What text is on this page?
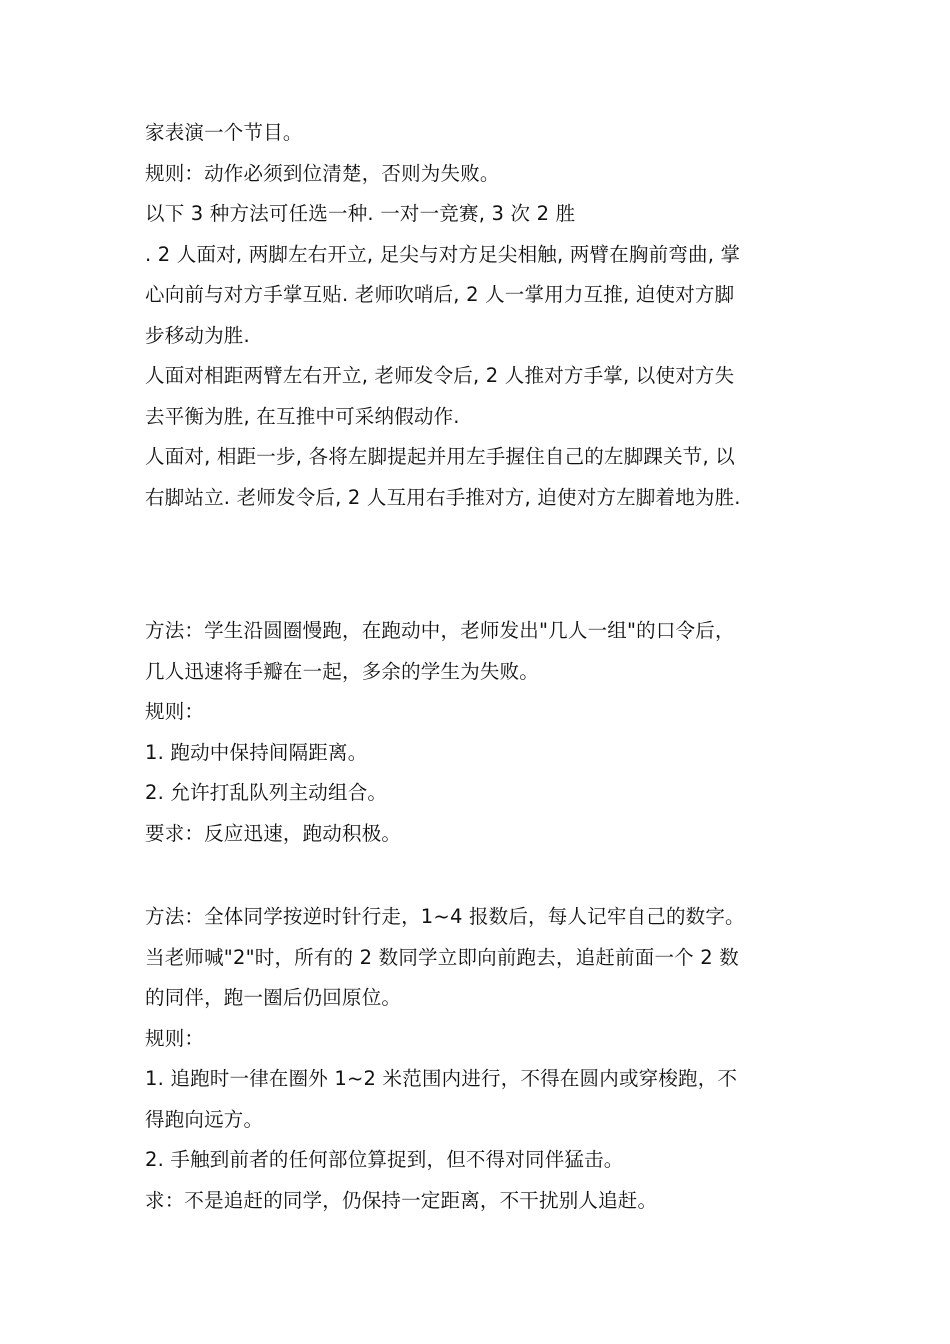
家表演一个节目。
规则：动作必须到位清楚，否则为失败。
以下 3 种方法可任选一种. 一对一竞赛, 3 次 2 胜
. 2 人面对, 两脚左右开立, 足尖与对方足尖相触, 两臂在胸前弯曲, 掌
心向前与对方手掌互贴. 老师吹哨后, 2 人一掌用力互推, 迫使对方脚
步移动为胜.
人面对相距两臂左右开立, 老师发令后, 2 人推对方手掌, 以使对方失
去平衡为胜, 在互推中可采纳假动作.
人面对, 相距一步, 各将左脚提起并用左手握住自己的左脚踝关节, 以
右脚站立. 老师发令后, 2 人互用右手推对方, 迫使对方左脚着地为胜.
方法：学生沿圆圈慢跑，在跑动中，老师发出"几人一组"的口令后，
几人迅速将手瓣在一起，多余的学生为失败。
规则：
1. 跑动中保持间隔距离。
2. 允许打乱队列主动组合。
要求：反应迅速，跑动积极。
方法：全体同学按逆时针行走，1~4 报数后，每人记牢自己的数字。
当老师喊"2"时，所有的 2 数同学立即向前跑去，追赶前面一个 2 数
的同伴，跑一圈后仍回原位。
规则：
1. 追跑时一律在圈外 1~2 米范围内进行，不得在圆内或穿梭跑，不
得跑向远方。
2. 手触到前者的任何部位算捉到，但不得对同伴猛击。
求：不是追赶的同学，仍保持一定距离，不干扰别人追赶。
